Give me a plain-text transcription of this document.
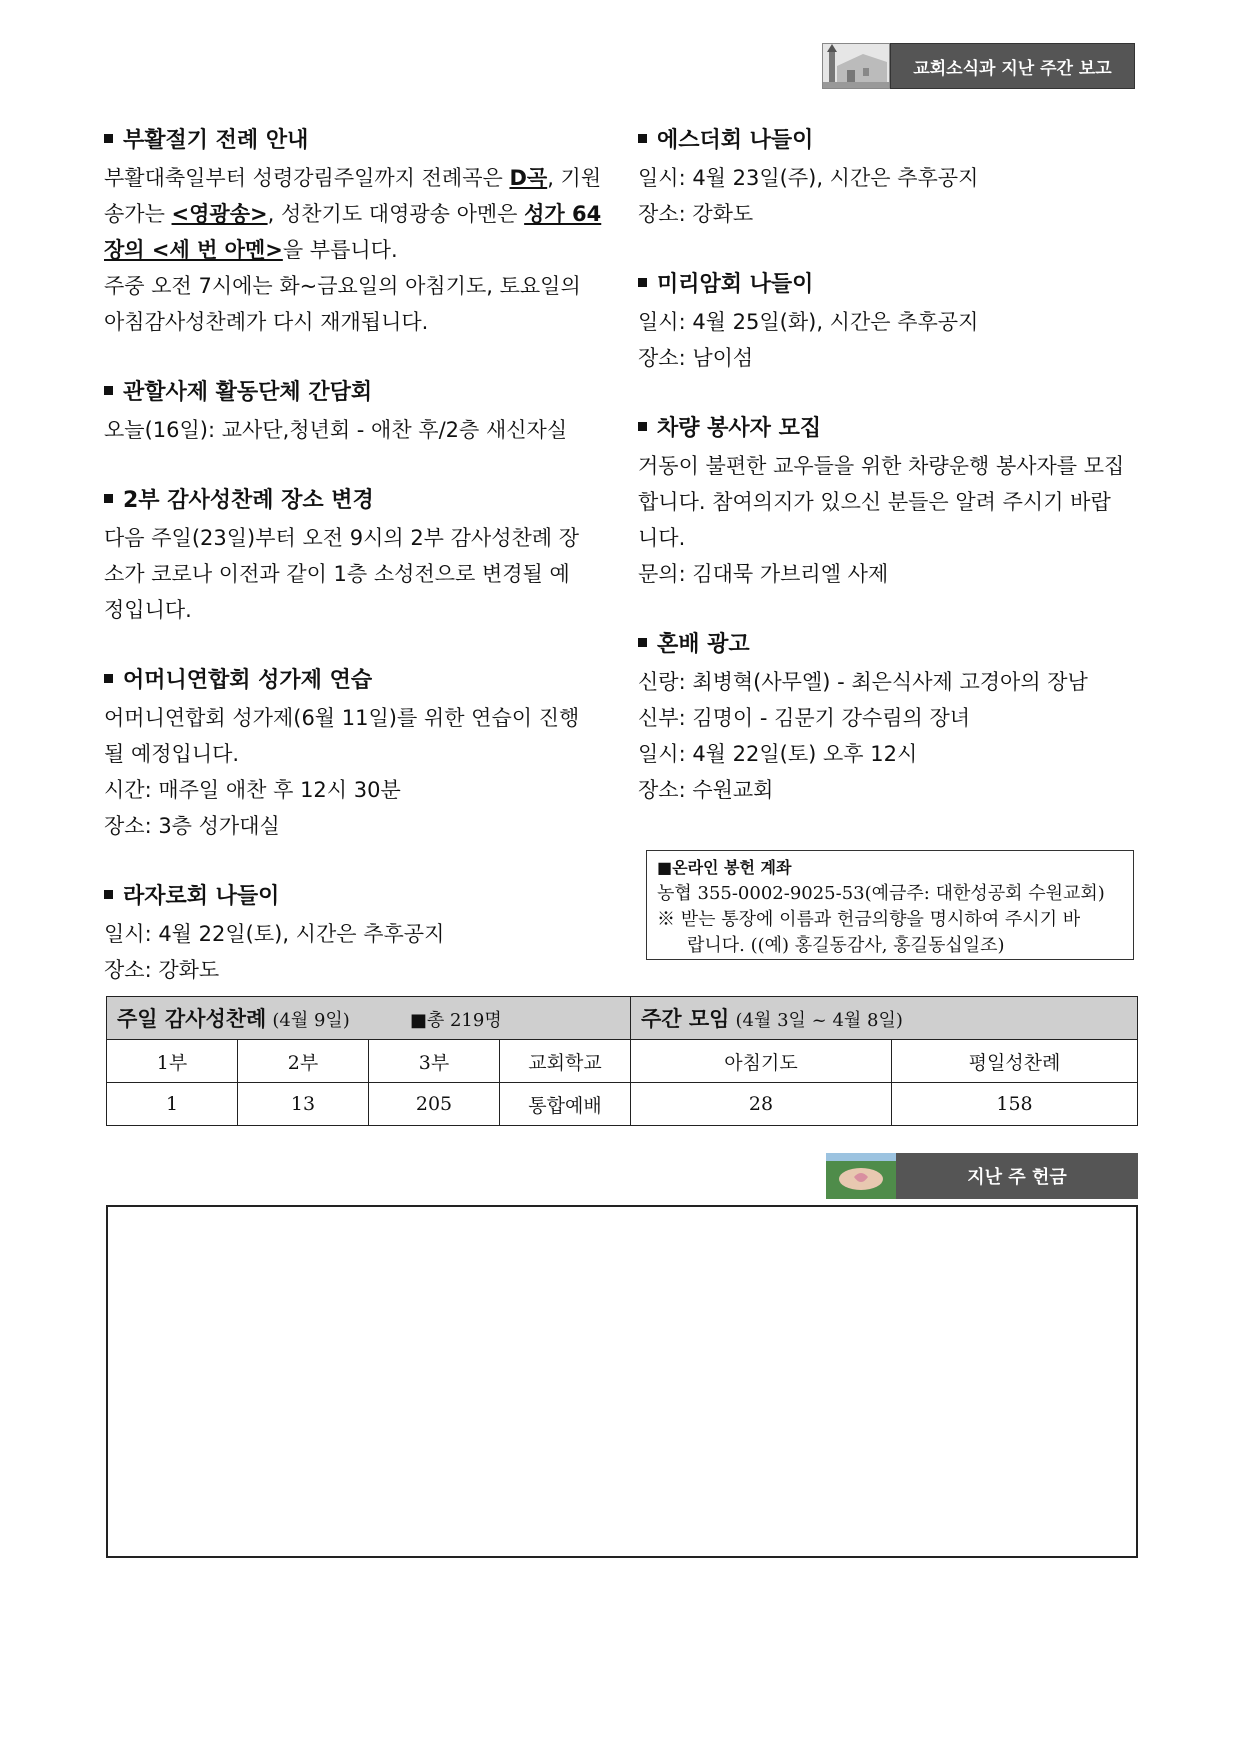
교회소식과 지난 주간 보고
부활절기 전례 안내

부활대축일부터 성령강림주일까지 전례곡은 D곡, 기원

송가는 <영광송>, 성찬기도 대영광송 아멘은 성가 64

장의 <세 번 아멘>을 부릅니다.

주중 오전 7시에는 화~금요일의 아침기도, 토요일의

아침감사성찬례가 다시 재개됩니다.

관할사제 활동단체 간담회

오늘(16일): 교사단,청년회 - 애찬 후/2층 새신자실

2부 감사성찬례 장소 변경

다음 주일(23일)부터 오전 9시의 2부 감사성찬례 장

소가 코로나 이전과 같이 1층 소성전으로 변경될 예

정입니다.

어머니연합회 성가제 연습

어머니연합회 성가제(6월 11일)를 위한 연습이 진행

될 예정입니다.

시간: 매주일 애찬 후 12시 30분

장소: 3층 성가대실

라자로회 나들이

일시: 4월 22일(토), 시간은 추후공지

장소: 강화도

에스더회 나들이

일시: 4월 23일(주), 시간은 추후공지

장소: 강화도

미리암회 나들이

일시: 4월 25일(화), 시간은 추후공지

장소: 남이섬

차량 봉사자 모집

거동이 불편한 교우들을 위한 차량운행 봉사자를 모집

합니다. 참여의지가 있으신 분들은 알려 주시기 바랍

니다.

문의: 김대묵 가브리엘 사제

혼배 광고

신랑: 최병혁(사무엘) - 최은식사제 고경아의 장남

신부: 김명이 - 김문기 강수림의 장녀

일시: 4월 22일(토) 오후 12시

장소: 수원교회

■온라인 봉헌 계좌
농협 355-0002-9025-53(예금주: 대한성공회 수원교회)
※ 받는 통장에 이름과 헌금의향을 명시하여 주시기 바
랍니다. ((예) 홍길동감사, 홍길동십일조)
주일 감사성찬례 (4월 9일) ■총 219명				주간 모임 (4월 3일 ~ 4월 8일)	
1부	2부	3부	교회학교	아침기도	평일성찬례
1	13	205	통합예배	28	158
지난 주 헌금
